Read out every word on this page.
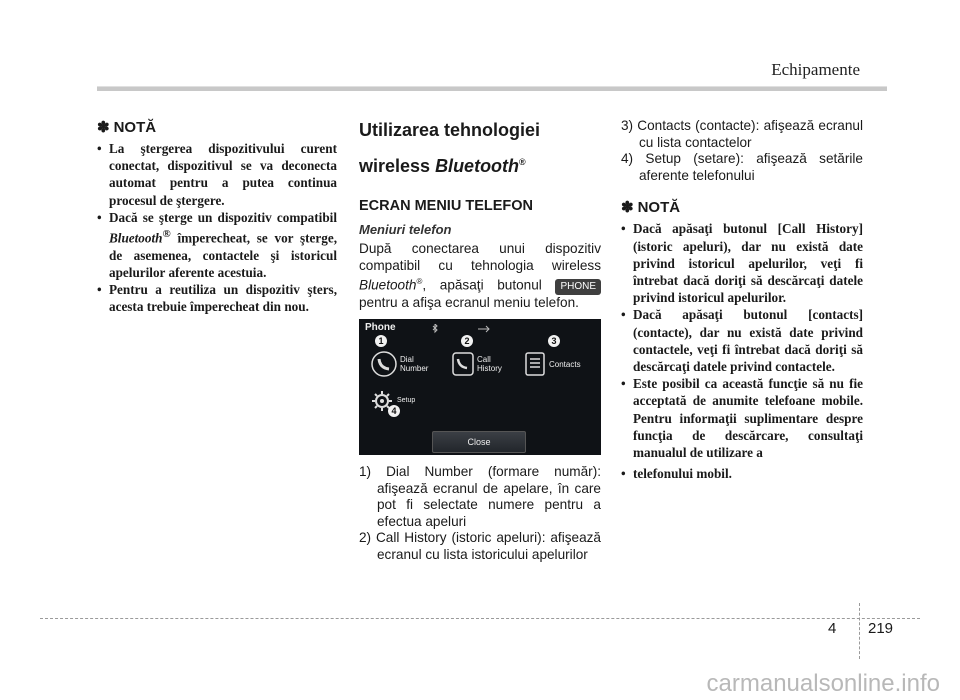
Echipamente
✽ NOTĂ

• La ştergerea dispozitivului curent conectat, dispozitivul se va deconecta automat pentru a putea continua procesul de ştergere.

• Dacă se şterge un dispozitiv compatibil Bluetooth® împerecheat, se vor şterge, de asemenea, contactele şi istoricul apelurilor aferente acestuia.

• Pentru a reutiliza un dispozitiv şters, acesta trebuie împerecheat din nou.

Utilizarea tehnologiei

wireless Bluetooth®
ECRAN MENIU TELEFON
Meniuri telefon

După conectarea unui dispozitiv compatibil cu tehnologia wireless Bluetooth®, apăsaţi butonul PHONE pentru a afişa ecranul meniu telefon.

Phone
1	2	3
4
Dial
Number
Call
History	Contacts
Setup
Close

1) Dial Number (formare număr): afişează ecranul de apelare, în care pot fi selectate numere pentru a efectua apeluri

2) Call History (istoric apeluri): afişează ecranul cu lista istoricului apelurilor

3) Contacts (contacte): afişează ecranul cu lista contactelor

4) Setup (setare): afişează setările aferente telefonului

✽ NOTĂ

• Dacă apăsaţi butonul [Call History] (istoric apeluri), dar nu există date privind istoricul apelurilor, veţi fi întrebat dacă doriţi să descărcaţi datele privind istoricul apelurilor.

• Dacă apăsaţi butonul [contacts] (contacte), dar nu există date privind contactele, veţi fi întrebat dacă doriţi să descărcaţi datele privind contactele.

• Este posibil ca această funcţie să nu fie acceptată de anumite telefoane mobile. Pentru informaţii suplimentare despre funcţia de descărcare, consultaţi manualul de utilizare a

• telefonului mobil.

4 219
carmanualsonline.info
